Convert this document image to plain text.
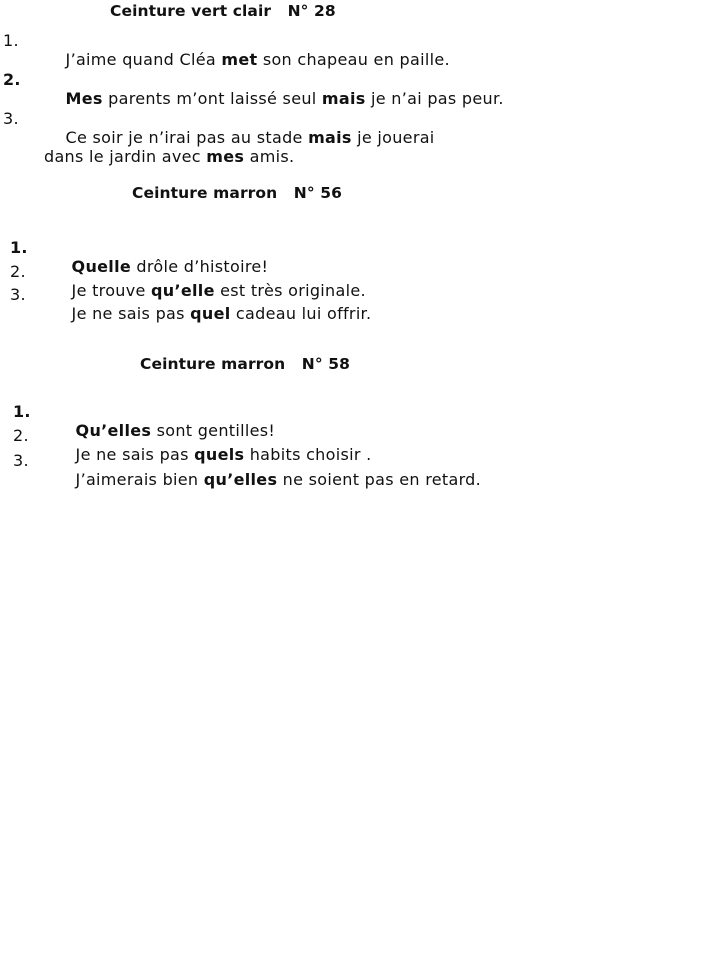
Ceinture vert clair   N° 28
1.

J’aime quand Cléa met son chapeau en paille.

2.

Mes parents m’ont laissé seul mais je n’ai pas peur.

3.

Ce soir je n’irai pas au stade mais je jouerai  dans le jardin avec mes amis.

Ceinture marron   N° 56
1.

Quelle drôle d’histoire!

2.

Je trouve qu’elle est très originale.

3.

Je ne sais pas quel cadeau lui offrir.

Ceinture marron   N° 58
1.

Qu’elles sont gentilles!

2.

Je ne sais pas quels habits choisir .

3.

J’aimerais bien qu’elles ne soient pas en retard.
